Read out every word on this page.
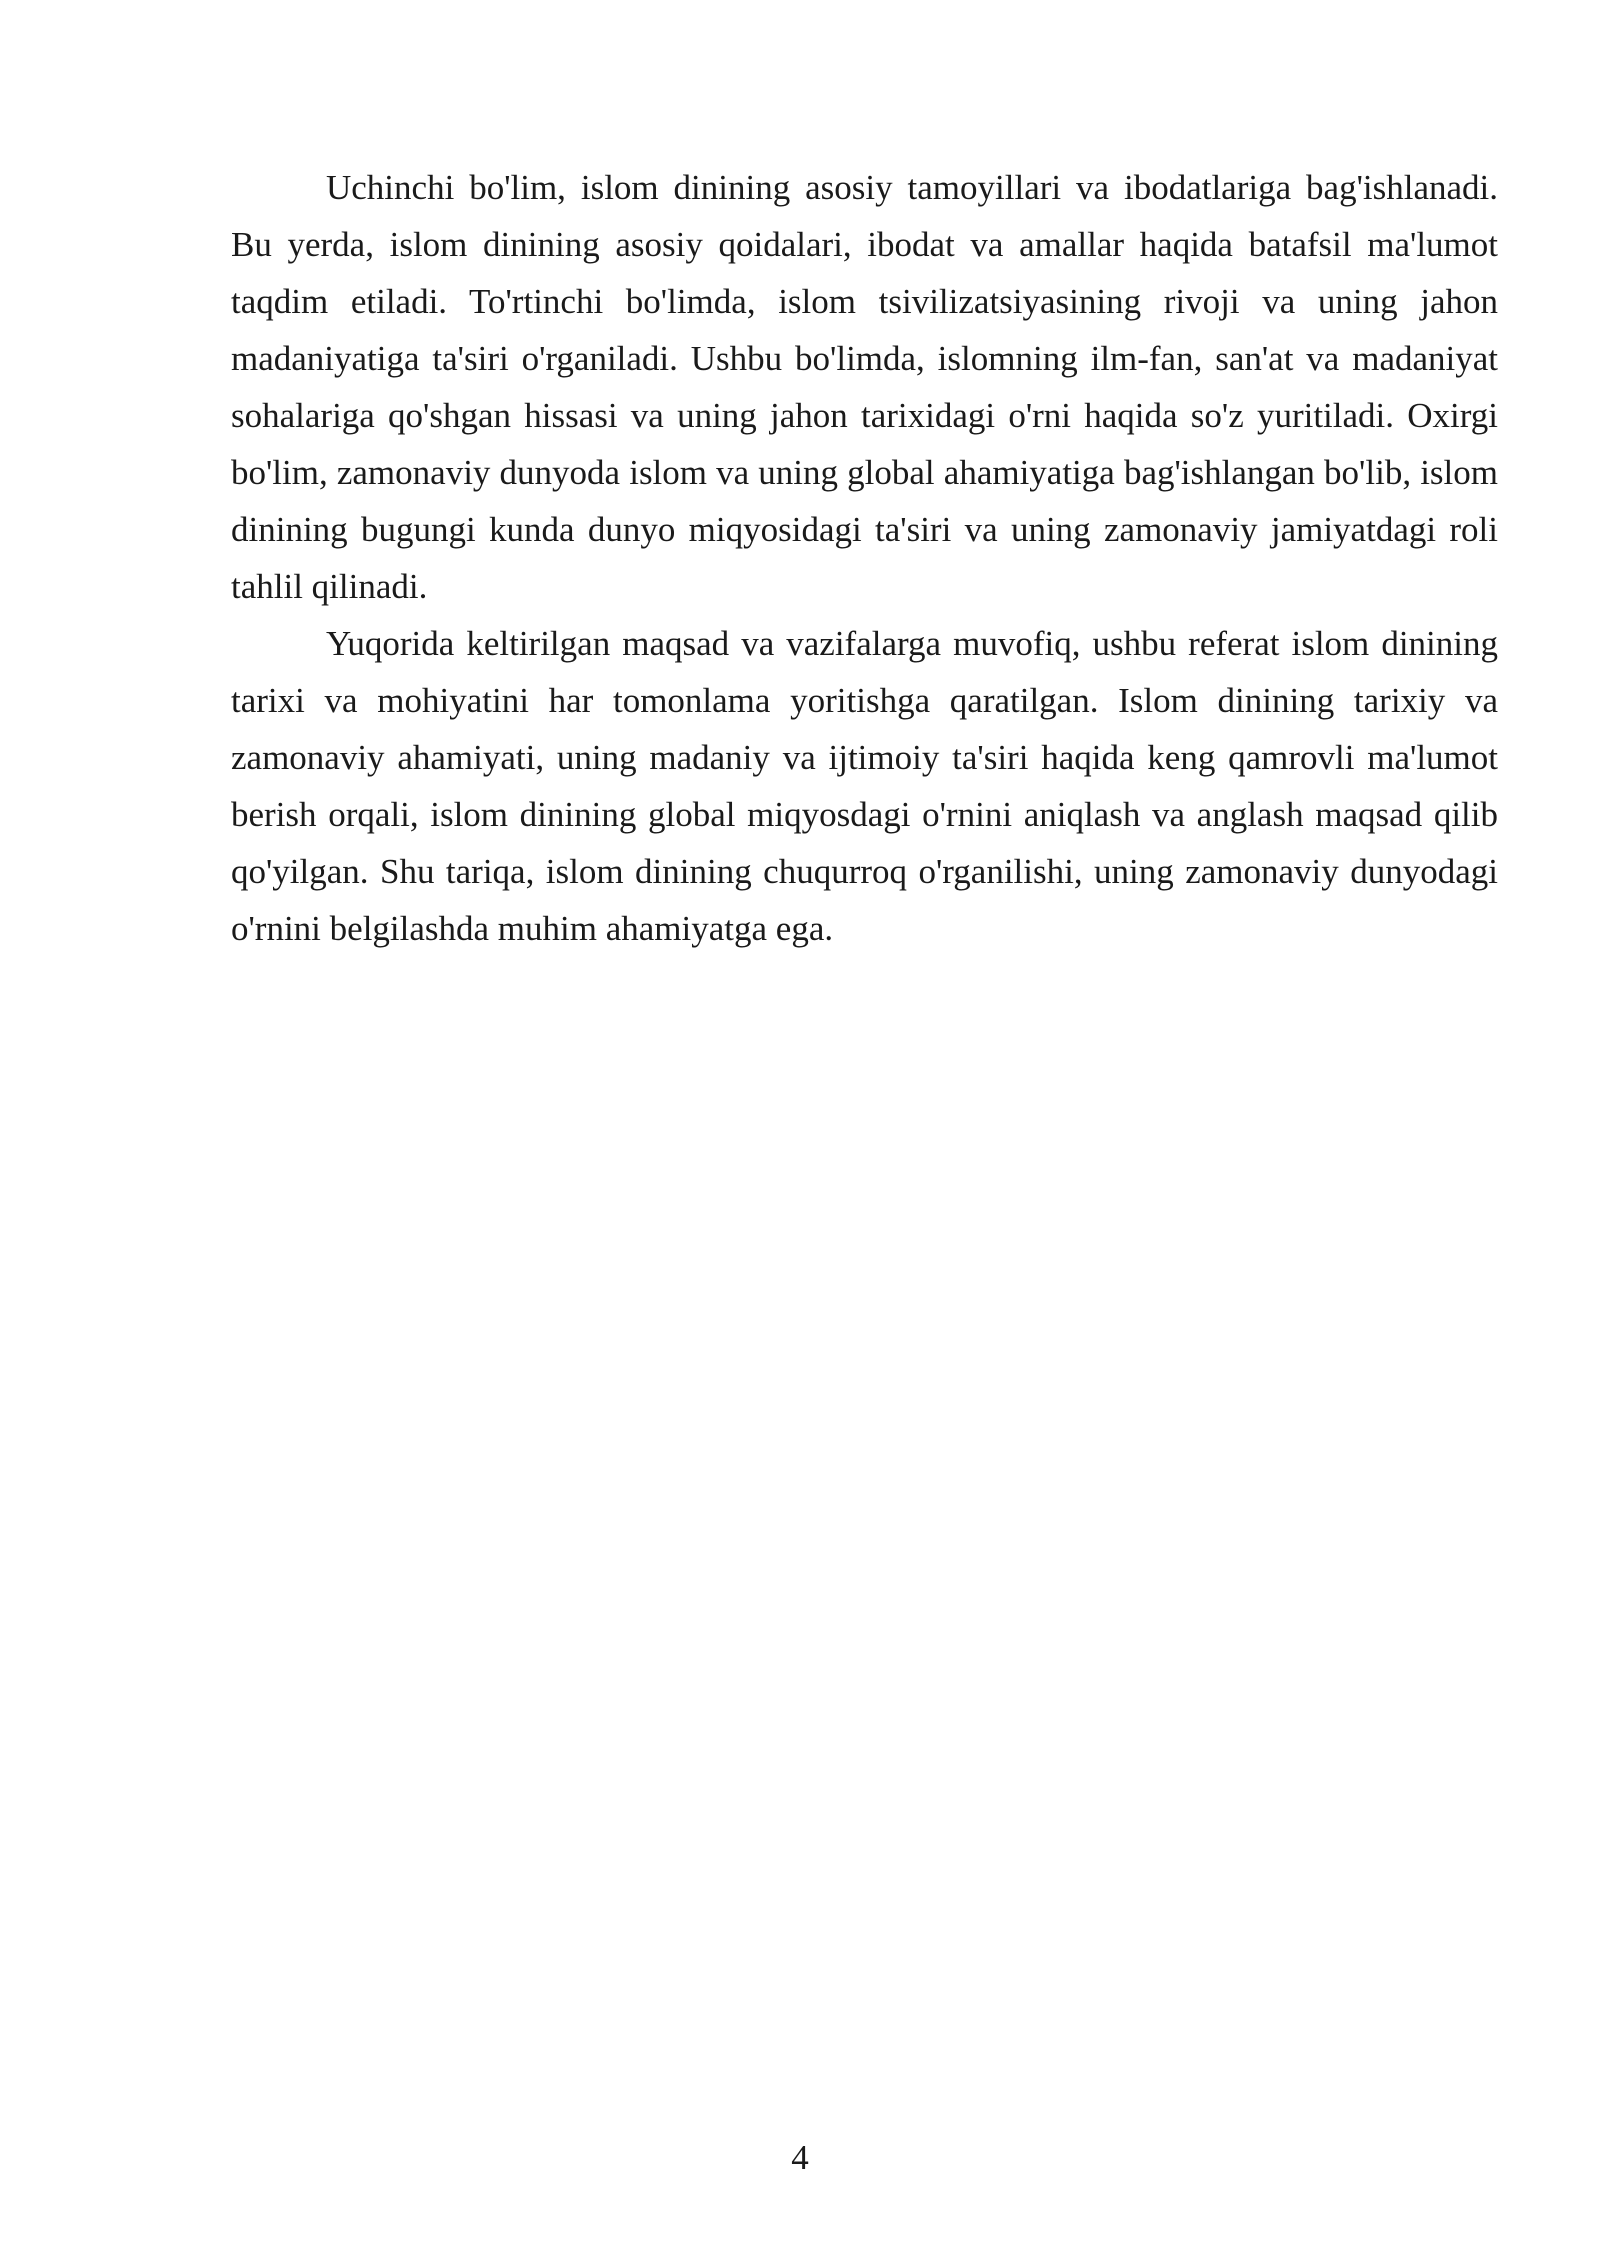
Uchinchi bo'lim, islom dinining asosiy tamoyillari va ibodatlariga bag'ishlanadi. Bu yerda, islom dinining asosiy qoidalari, ibodat va amallar haqida batafsil ma'lumot taqdim etiladi. To'rtinchi bo'limda, islom tsivilizatsiyasining rivoji va uning jahon madaniyatiga ta'siri o'rganiladi. Ushbu bo'limda, islomning ilm-fan, san'at va madaniyat sohalariga qo'shgan hissasi va uning jahon tarixidagi o'rni haqida so'z yuritiladi. Oxirgi bo'lim, zamonaviy dunyoda islom va uning global ahamiyatiga bag'ishlangan bo'lib, islom dinining bugungi kunda dunyo miqyosidagi ta'siri va uning zamonaviy jamiyatdagi roli tahlil qilinadi.

Yuqorida keltirilgan maqsad va vazifalarga muvofiq, ushbu referat islom dinining tarixi va mohiyatini har tomonlama yoritishga qaratilgan. Islom dinining tarixiy va zamonaviy ahamiyati, uning madaniy va ijtimoiy ta'siri haqida keng qamrovli ma'lumot berish orqali, islom dinining global miqyosdagi o'rnini aniqlash va anglash maqsad qilib qo'yilgan. Shu tariqa, islom dinining chuqurroq o'rganilishi, uning zamonaviy dunyodagi o'rnini belgilashda muhim ahamiyatga ega.

4
